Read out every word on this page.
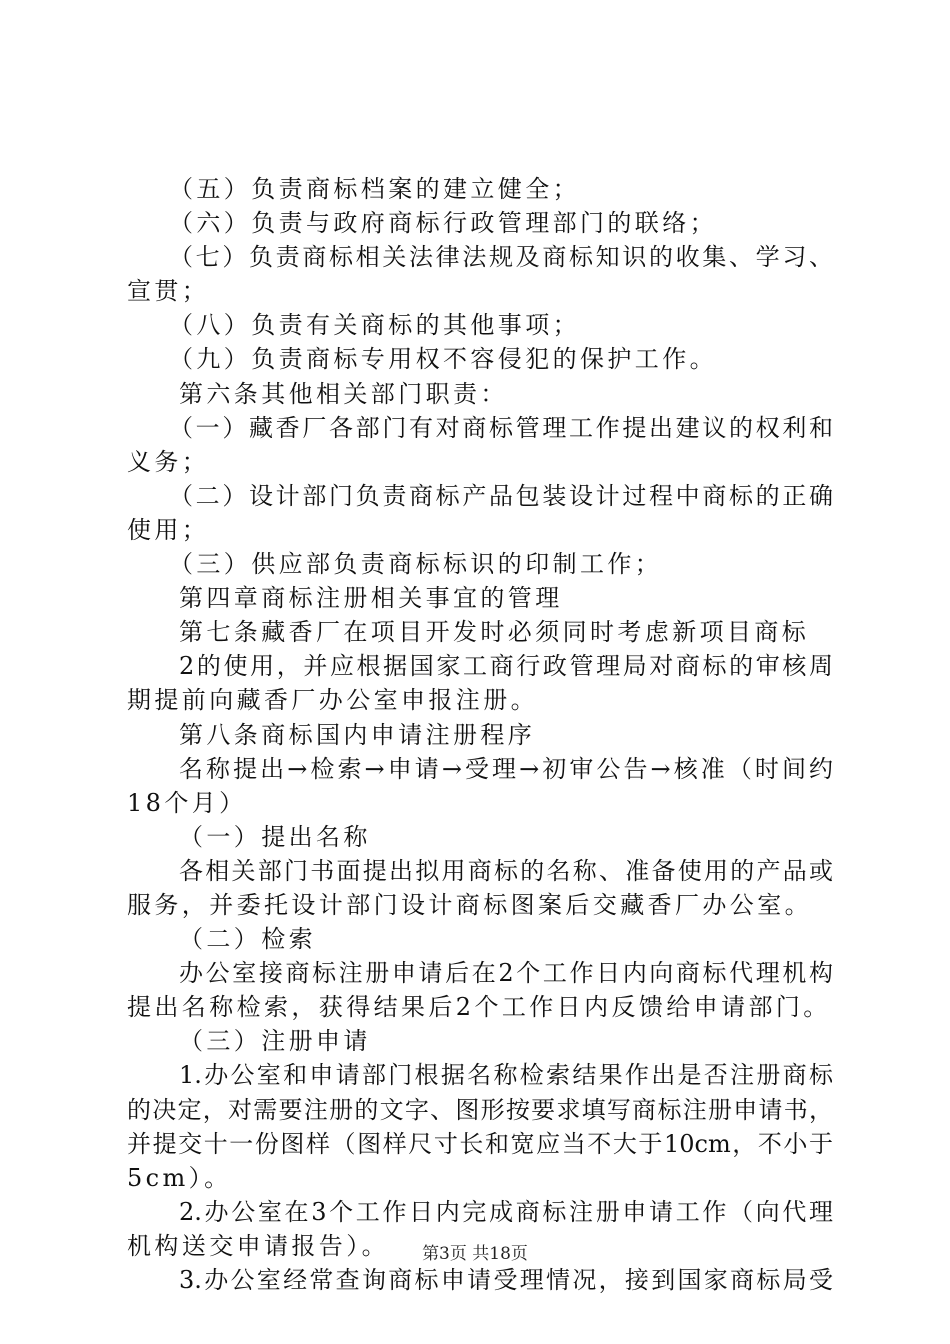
（五）负责商标档案的建立健全；
（六）负责与政府商标行政管理部门的联络；
（七）负责商标相关法律法规及商标知识的收集、学习、
宣贯；
（八）负责有关商标的其他事项；
（九）负责商标专用权不容侵犯的保护工作。
第六条其他相关部门职责：
（一）藏香厂各部门有对商标管理工作提出建议的权利和
义务；
（二）设计部门负责商标产品包装设计过程中商标的正确
使用；
（三）供应部负责商标标识的印制工作；
第四章商标注册相关事宜的管理
第七条藏香厂在项目开发时必须同时考虑新项目商标
2的使用，并应根据国家工商行政管理局对商标的审核周
期提前向藏香厂办公室申报注册。
第八条商标国内申请注册程序
名称提出→检索→申请→受理→初审公告→核准（时间约
18个月）
（一）提出名称
各相关部门书面提出拟用商标的名称、准备使用的产品或
服务，并委托设计部门设计商标图案后交藏香厂办公室。
（二）检索
办公室接商标注册申请后在2个工作日内向商标代理机构
提出名称检索，获得结果后2个工作日内反馈给申请部门。
（三）注册申请
1.办公室和申请部门根据名称检索结果作出是否注册商标
的决定，对需要注册的文字、图形按要求填写商标注册申请书，
并提交十一份图样（图样尺寸长和宽应当不大于10cm，不小于
5cm）。
2.办公室在3个工作日内完成商标注册申请工作（向代理
机构送交申请报告）。
3.办公室经常查询商标申请受理情况，接到国家商标局受
第3页 共18页
